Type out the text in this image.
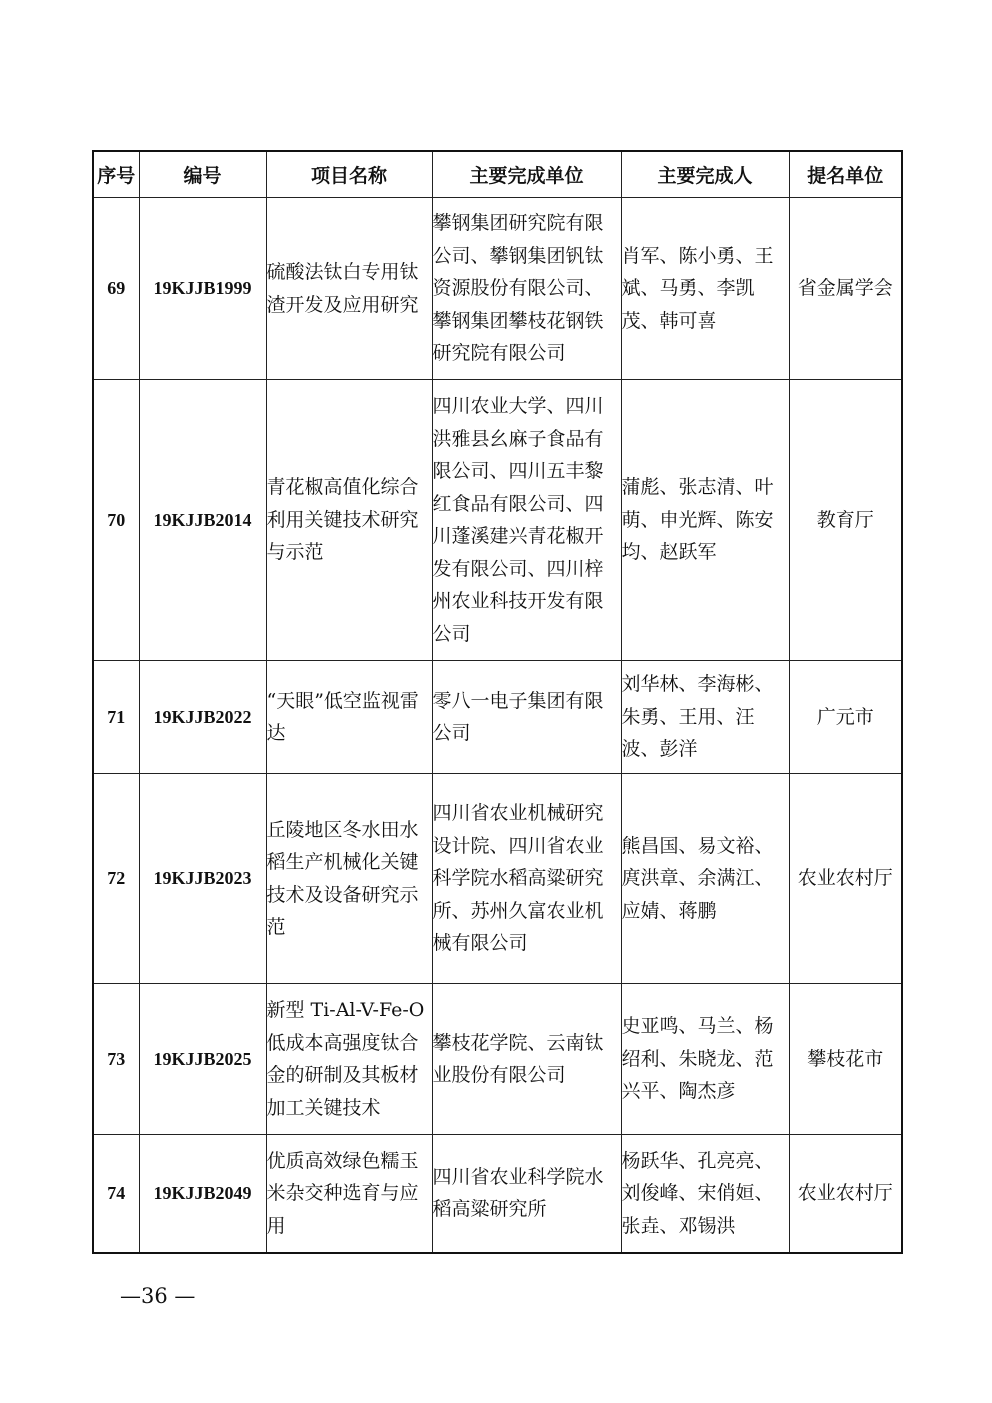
序号	编号	项目名称	主要完成单位	主要完成人	提名单位
69	19KJJB1999	硫酸法钛白专用钛渣开发及应用研究	攀钢集团研究院有限公司、攀钢集团钒钛资源股份有限公司、攀钢集团攀枝花钢铁研究院有限公司	肖军、陈小勇、王斌、马勇、李凯茂、韩可喜	省金属学会
70	19KJJB2014	青花椒高值化综合利用关键技术研究与示范	四川农业大学、四川洪雅县幺麻子食品有限公司、四川五丰黎红食品有限公司、四川蓬溪建兴青花椒开发有限公司、四川梓州农业科技开发有限公司	蒲彪、张志清、叶萌、申光辉、陈安均、赵跃军	教育厅
71	19KJJB2022	“天眼”低空监视雷达	零八一电子集团有限公司	刘华林、李海彬、朱勇、王用、汪波、彭洋	广元市
72	19KJJB2023	丘陵地区冬水田水稻生产机械化关键技术及设备研究示范	四川省农业机械研究设计院、四川省农业科学院水稻高粱研究所、苏州久富农业机械有限公司	熊昌国、易文裕、庹洪章、余满江、应婧、蒋鹏	农业农村厅
73	19KJJB2025	新型 Ti-Al-V-Fe-O 低成本高强度钛合金的研制及其板材加工关键技术	攀枝花学院、云南钛业股份有限公司	史亚鸣、马兰、杨绍利、朱晓龙、范兴平、陶杰彦	攀枝花市
74	19KJJB2049	优质高效绿色糯玉米杂交种选育与应用	四川省农业科学院水稻高粱研究所	杨跃华、孔亮亮、刘俊峰、宋俏姮、张垚、邓锡洪	农业农村厅
—36 —
